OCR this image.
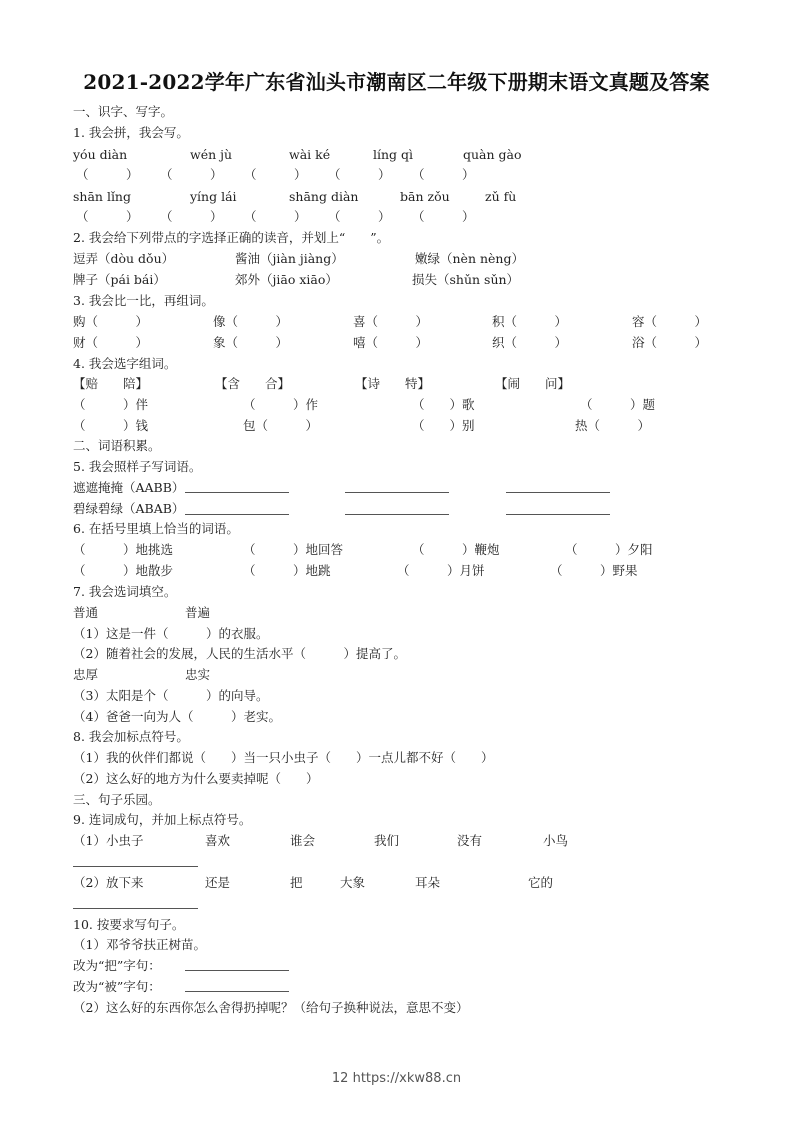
2021-2022学年广东省汕头市潮南区二年级下册期末语文真题及答案
一、识字、写字。
1. 我会拼，我会写。
yóu diàn	wén jù	wài ké	líng qì	quàn gào
（　　　） （　　　） （　　　） （　　　） （　　　）
shān lǐng	yíng lái	shāng diàn	bān zǒu	zǔ fù
（　　　） （　　　） （　　　） （　　　） （　　　）
2. 我会给下列带点的字选择正确的读音，并划上“　　”。
逗弄（dòu dǒu）	酱油（jiàn jiàng）	嫩绿（nèn nèng）
牌子（pái bái）	郊外（jiāo xiāo）	损失（shǔn sǔn）
3. 我会比一比，再组词。
购（　　　）	像（　　　）	喜（　　　）	积（　　　）	容（　　　）
财（　　　）	象（　　　）	嘻（　　　）	织（　　　）	浴（　　　）
4. 我会选字组词。
【赔　　陪】	【含　　合】	【诗　　特】	【闹　　问】
（　　　）伴	（　　　）作	（　　）歌	（　　　）题
（　　　）钱	包（　　　）	（　　）别	热（　　　）
二、词语积累。
5. 我会照样子写词语。
遮遮掩掩（AABB）
碧绿碧绿（ABAB）
6. 在括号里填上恰当的词语。
（　　　）地挑选	（　　　）地回答	（　　　）鞭炮	（　　　）夕阳
（　　　）地散步	（　　　）地跳	（　　　）月饼	（　　　）野果
7. 我会选词填空。
普通	普遍
（1）这是一件（　　　）的衣服。
（2）随着社会的发展，人民的生活水平（　　　）提高了。
忠厚	忠实
（3）太阳是个（　　　）的向导。
（4）爸爸一向为人（　　　）老实。
8. 我会加标点符号。
（1）我的伙伴们都说（　　）当一只小虫子（　　）一点儿都不好（　　）
（2）这么好的地方为什么要卖掉呢（　　）
三、句子乐园。
9. 连词成句，并加上标点符号。
（1）小虫子	喜欢	谁会	我们	没有	小鸟
（2）放下来	还是	把	大象	耳朵	它的
10. 按要求写句子。
（1）邓爷爷扶正树苗。
改为“把”字句：
改为“被”字句：
（2）这么好的东西你怎么舍得扔掉呢？（给句子换种说法，意思不变）
12 https://xkw88.cn
